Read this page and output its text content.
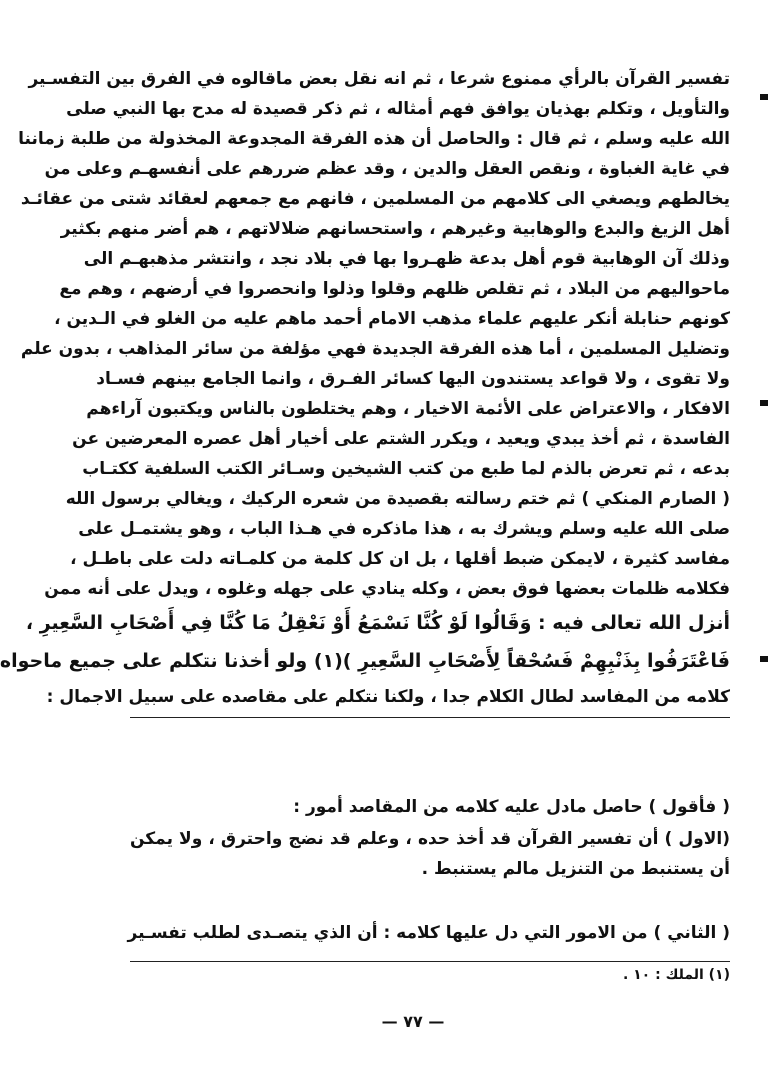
تفسير القرآن بالرأي ممنوع شرعا ، ثم انه نقل بعض ماقالوه في الفرق بين التفسـير
والتأويل ، وتكلم بهذيان يوافق فهم أمثاله ، ثم ذكر قصيدة له مدح بها النبي صلى
الله عليه وسلم ، ثم قال : والحاصل أن هذه الفرقة المجدوعة المخذولة من طلبة زماننا
في غاية الغباوة ، ونقص العقل والدين ، وقد عظم ضررهم على أنفسهـم وعلى من
يخالطهم ويصغي الى كلامهم من المسلمين ، فانهم مع جمعهم لعقائد شتى من عقائـد
أهل الزيغ والبدع والوهابية وغيرهم ، واستحسانهم ضلالاتهم ، هم أضر منهم بكثير
وذلك آن الوهابية قوم أهل بدعة ظهـروا بها في بلاد نجد ، وانتشر مذهبهـم الى
ماحواليهم من البلاد ، ثم تقلص ظلهم وقلوا وذلوا وانحصروا في أرضهم ، وهم مع
كونهم حنابلة أنكر عليهم علماء مذهب الامام أحمد ماهم عليه من الغلو في الـدين ،
وتضليل المسلمين ، أما هذه الفرقة الجديدة فهي مؤلفة من سائر المذاهب ، بدون علم
ولا تقوى ، ولا قواعد يستندون اليها كسائر الفـرق ، وانما الجامع بينهم فسـاد
الافكار ، والاعتراض على الأئمة الاخيار ، وهم يختلطون بالناس ويكتبون آراءهم
الفاسدة ، ثم أخذ يبدي ويعيد ، ويكرر الشتم على أخيار أهل عصره المعرضين عن
بدعه ، ثم تعرض بالذم لما طبع من كتب الشيخين وسـائر الكتب السلفية ككتـاب
( الصارم المنكي ) ثم ختم رسالته بقصيدة من شعره الركيك ، ويغالي برسول الله
صلى الله عليه وسلم ويشرك به ، هذا ماذكره في هـذا الباب ، وهو يشتمـل على
مفاسد كثيرة ، لايمكن ضبط أقلها ، بل ان كل كلمة من كلمـاته دلت على باطـل ،
فكلامه ظلمات بعضها فوق بعض ، وكله ينادي على جهله وغلوه ، ويدل على أنه ممن
أنزل الله تعالى فيه : وَقَالُوا لَوْ كُنَّا نَسْمَعُ أَوْ نَعْقِلُ مَا كُنَّا فِي أَصْحَابِ السَّعِيرِ ،
فَاعْتَرَفُوا بِذَنْبِهِمْ فَسُحْقاً لِأَصْحَابِ السَّعِيرِ )(١) ولو أخذنا نتكلم على جميع ماحواه
كلامه من المفاسد لطال الكلام جدا ، ولكنا نتكلم على مقاصده على سبيل الاجمال :
( فأقول ) حاصل مادل عليه كلامه من المقاصد أمور :
(الاول ) أن تفسير القرآن قد أخذ حده ، وعلم قد نضج واحترق ، ولا يمكن
أن يستنبط من التنزيل مالم يستنبط .
( الثاني ) من الامور التي دل عليها كلامه : أن الذي يتصـدى لطلب تفسـير
(١) الملك : ١٠ .
— ٧٧ —
